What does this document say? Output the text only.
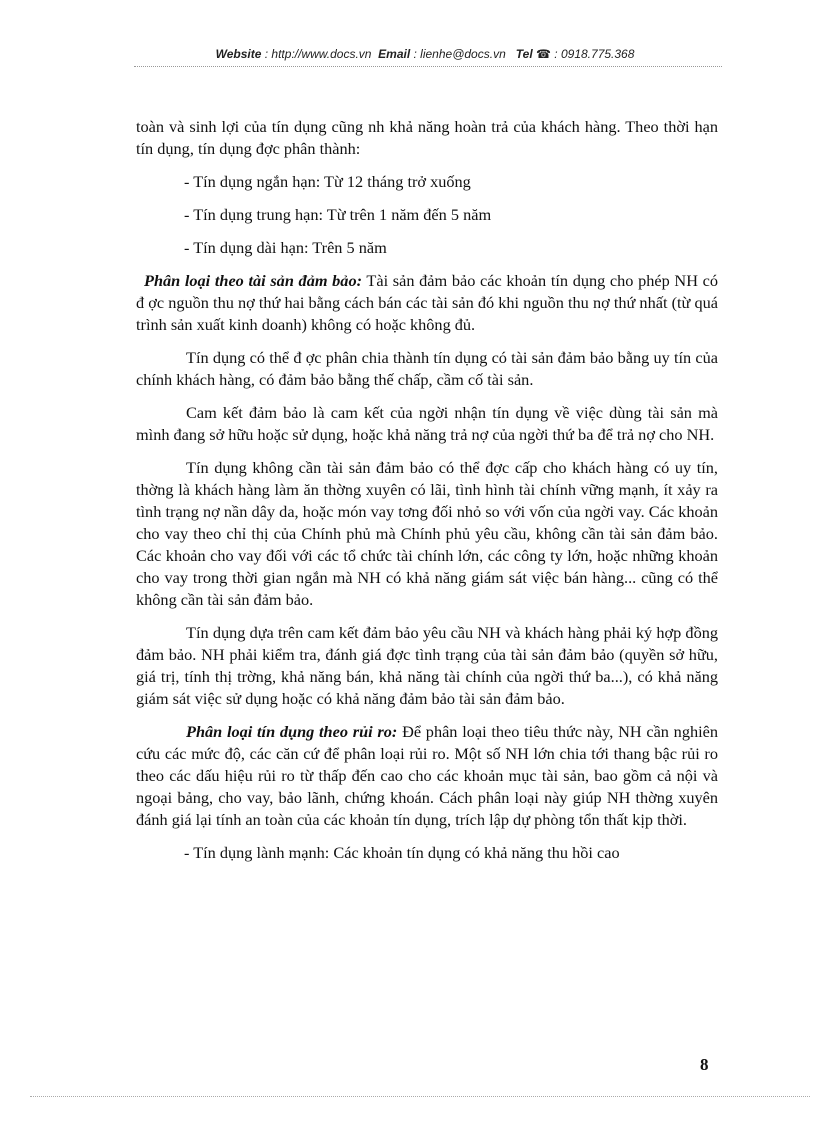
Website : http://www.docs.vn Email : lienhe@docs.vn Tel ☎ : 0918.775.368

toàn và sinh lợi của tín dụng cũng nh khả năng hoàn trả của khách hàng. Theo thời hạn tín dụng, tín dụng đợc phân thành:

- Tín dụng ngắn hạn: Từ 12 tháng trở xuống

- Tín dụng trung hạn: Từ trên 1 năm đến 5 năm

- Tín dụng dài hạn: Trên 5 năm

Phân loại theo tài sản đảm bảo: Tài sản đảm bảo các khoản tín dụng cho phép NH có đ ợc nguồn thu nợ thứ hai bằng cách bán các tài sản đó khi nguồn thu nợ thứ nhất (từ quá trình sản xuất kinh doanh) không có hoặc không đủ.

Tín dụng có thể đ ợc phân chia thành tín dụng có tài sản đảm bảo bằng uy tín của chính khách hàng, có đảm bảo bằng thế chấp, cầm cố tài sản.

Cam kết đảm bảo là cam kết của ngời nhận tín dụng về việc dùng tài sản mà mình đang sở hữu hoặc sử dụng, hoặc khả năng trả nợ của ngời thứ ba để trả nợ cho NH.

Tín dụng không cần tài sản đảm bảo có thể đợc cấp cho khách hàng có uy tín, thờng là khách hàng làm ăn thờng xuyên có lãi, tình hình tài chính vững mạnh, ít xảy ra tình trạng nợ nần dây da, hoặc món vay tơng đối nhỏ so với vốn của ngời vay. Các khoản cho vay theo chỉ thị của Chính phủ mà Chính phủ yêu cầu, không cần tài sản đảm bảo. Các khoản cho vay đối với các tổ chức tài chính lớn, các công ty lớn, hoặc những khoản cho vay trong thời gian ngắn mà NH có khả năng giám sát việc bán hàng... cũng có thể không cần tài sản đảm bảo.

Tín dụng dựa trên cam kết đảm bảo yêu cầu NH và khách hàng phải ký hợp đồng đảm bảo. NH phải kiểm tra, đánh giá đợc tình trạng của tài sản đảm bảo (quyền sở hữu, giá trị, tính thị trờng, khả năng bán, khả năng tài chính của ngời thứ ba...), có khả năng giám sát việc sử dụng hoặc có khả năng đảm bảo tài sản đảm bảo.

Phân loại tín dụng theo rủi ro: Để phân loại theo tiêu thức này, NH cần nghiên cứu các mức độ, các căn cứ để phân loại rủi ro. Một số NH lớn chia tới thang bậc rủi ro theo các dấu hiệu rủi ro từ thấp đến cao cho các khoản mục tài sản, bao gồm cả nội và ngoại bảng, cho vay, bảo lãnh, chứng khoán. Cách phân loại này giúp NH thờng xuyên đánh giá lại tính an toàn của các khoản tín dụng, trích lập dự phòng tổn thất kịp thời.

- Tín dụng lành mạnh: Các khoản tín dụng có khả năng thu hồi cao

8
